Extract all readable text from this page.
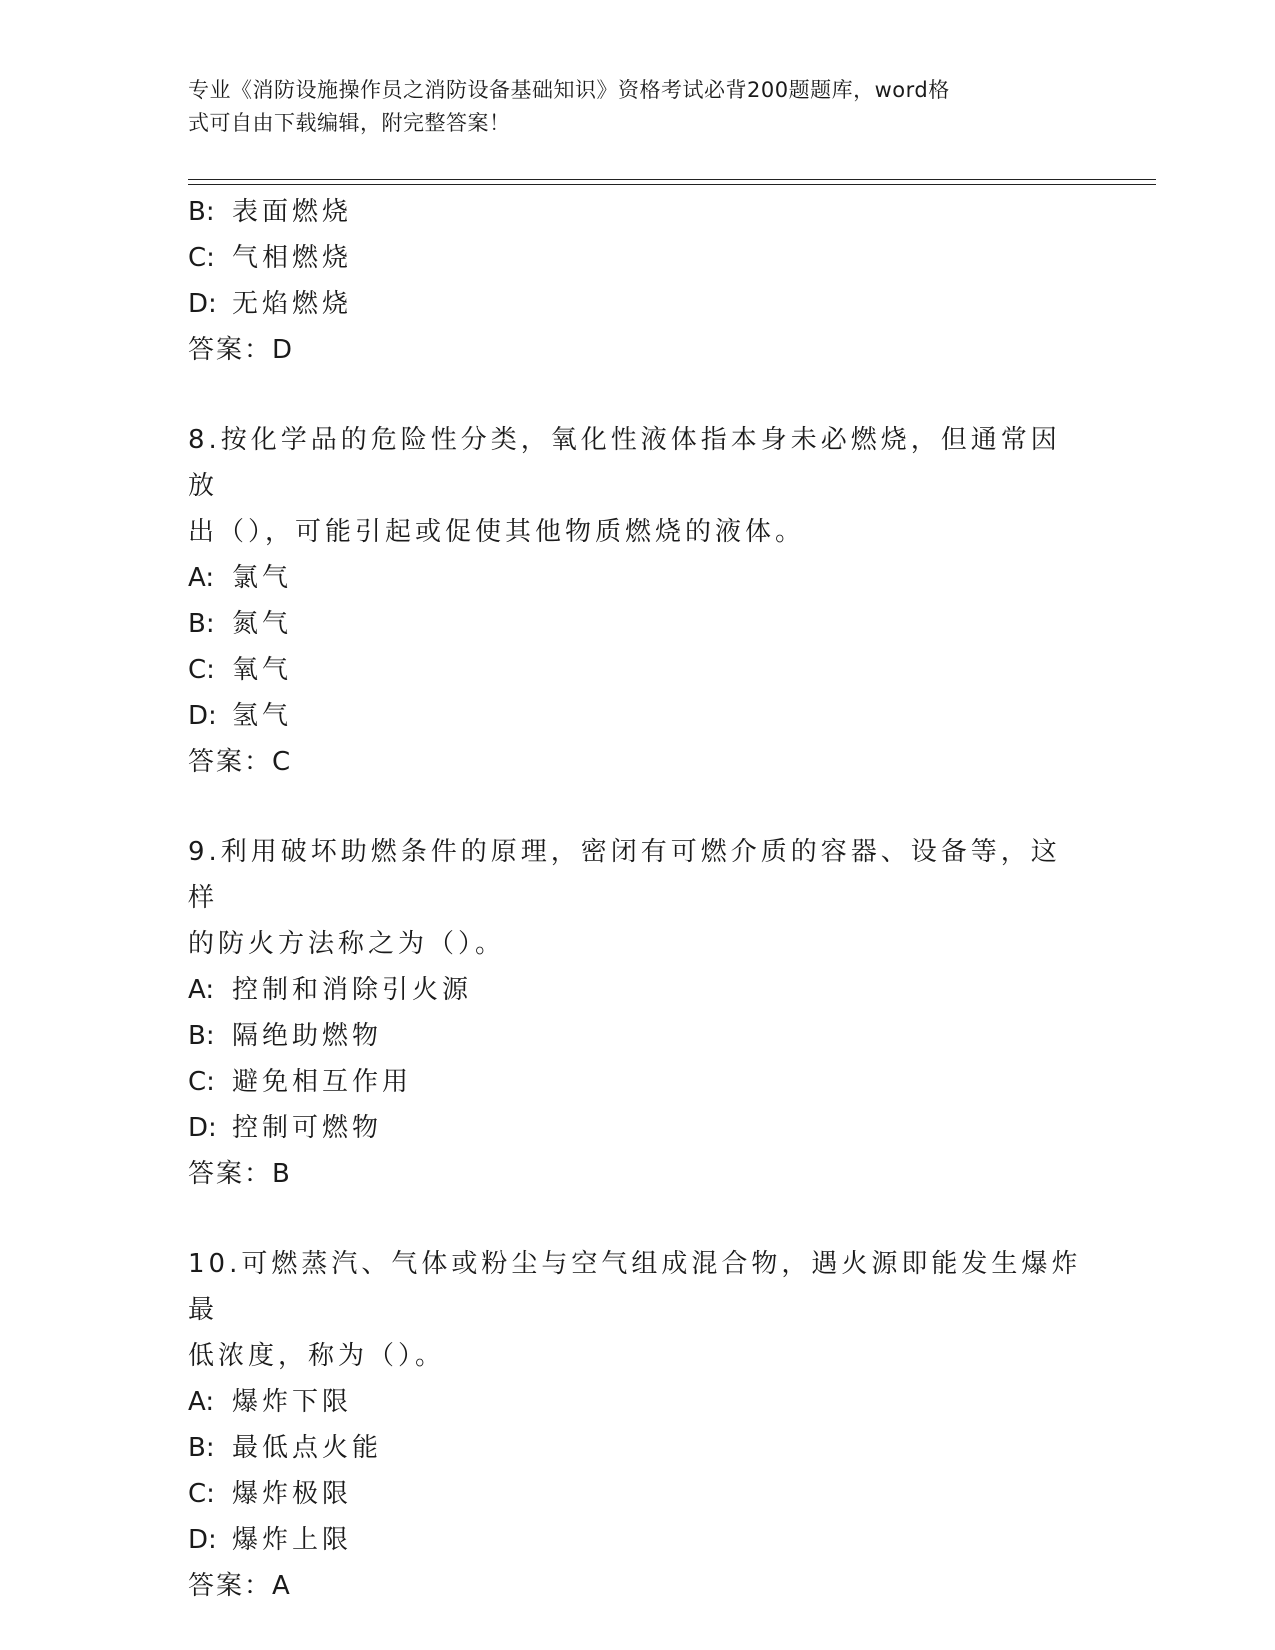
专业《消防设施操作员之消防设备基础知识》资格考试必背200题题库，word格
式可自由下载编辑，附完整答案！
B: 表面燃烧
C: 气相燃烧
D: 无焰燃烧
答案：D
8.按化学品的危险性分类，氧化性液体指本身未必燃烧，但通常因放
出（），可能引起或促使其他物质燃烧的液体。
A: 氯气
B: 氮气
C: 氧气
D: 氢气
答案：C
9.利用破坏助燃条件的原理，密闭有可燃介质的容器、设备等，这样
的防火方法称之为（）。
A: 控制和消除引火源
B: 隔绝助燃物
C: 避免相互作用
D: 控制可燃物
答案：B
10.可燃蒸汽、气体或粉尘与空气组成混合物，遇火源即能发生爆炸最
低浓度，称为（）。
A: 爆炸下限
B: 最低点火能
C: 爆炸极限
D: 爆炸上限
答案：A
